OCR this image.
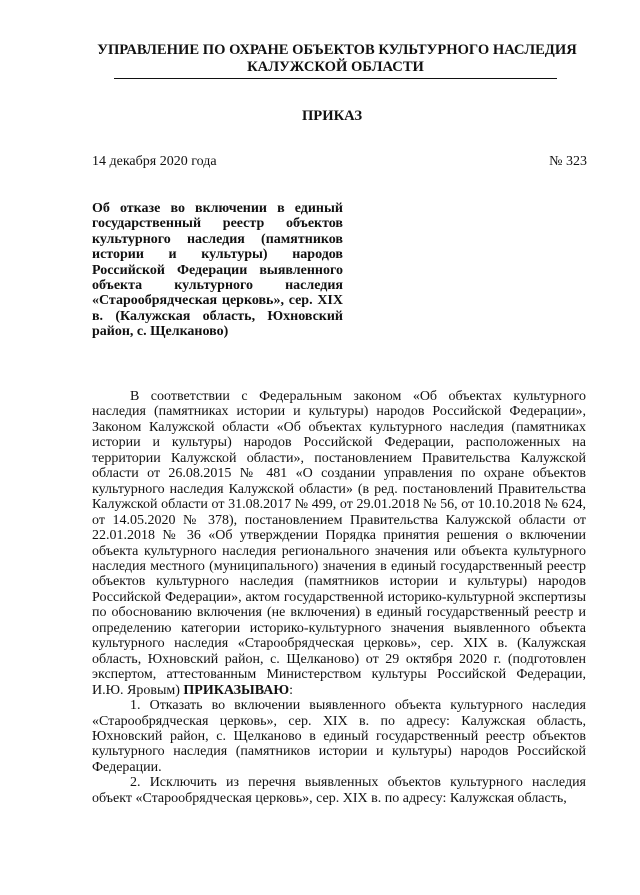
УПРАВЛЕНИЕ ПО ОХРАНЕ ОБЪЕКТОВ КУЛЬТУРНОГО НАСЛЕДИЯ
КАЛУЖСКОЙ ОБЛАСТИ
ПРИКАЗ
14 декабря 2020 года	№ 323
Об отказе во включении в единый государственный реестр объектов культурного наследия (памятников истории и культуры) народов Российской Федерации выявленного объекта культурного наследия «Старообрядческая церковь», сер. XIX в. (Калужская область, Юхновский район, с. Щелканово)

В соответствии с Федеральным законом «Об объектах культурного наследия (памятниках истории и культуры) народов Российской Федерации», Законом Калужской области «Об объектах культурного наследия (памятниках истории и культуры) народов Российской Федерации, расположенных на территории Калужской области», постановлением Правительства Калужской области от 26.08.2015 № 481 «О создании управления по охране объектов культурного наследия Калужской области» (в ред. постановлений Правительства Калужской области от 31.08.2017 № 499, от 29.01.2018 № 56, от 10.10.2018 № 624, от 14.05.2020 № 378), постановлением Правительства Калужской области от 22.01.2018 № 36 «Об утверждении Порядка принятия решения о включении объекта культурного наследия регионального значения или объекта культурного наследия местного (муниципального) значения в единый государственный реестр объектов культурного наследия (памятников истории и культуры) народов Российской Федерации», актом государственной историко-культурной экспертизы по обоснованию включения (не включения) в единый государственный реестр и определению категории историко-культурного значения выявленного объекта культурного наследия «Старообрядческая церковь», сер. XIX в. (Калужская область, Юхновский район, с. Щелканово) от 29 октября 2020 г. (подготовлен экспертом, аттестованным Министерством культуры Российской Федерации, И.Ю. Яровым) ПРИКАЗЫВАЮ:

1. Отказать во включении выявленного объекта культурного наследия «Старообрядческая церковь», сер. XIX в. по адресу: Калужская область, Юхновский район, с. Щелканово в единый государственный реестр объектов культурного наследия (памятников истории и культуры) народов Российской Федерации.

2. Исключить из перечня выявленных объектов культурного наследия объект «Старообрядческая церковь», сер. XIX в. по адресу: Калужская область,
